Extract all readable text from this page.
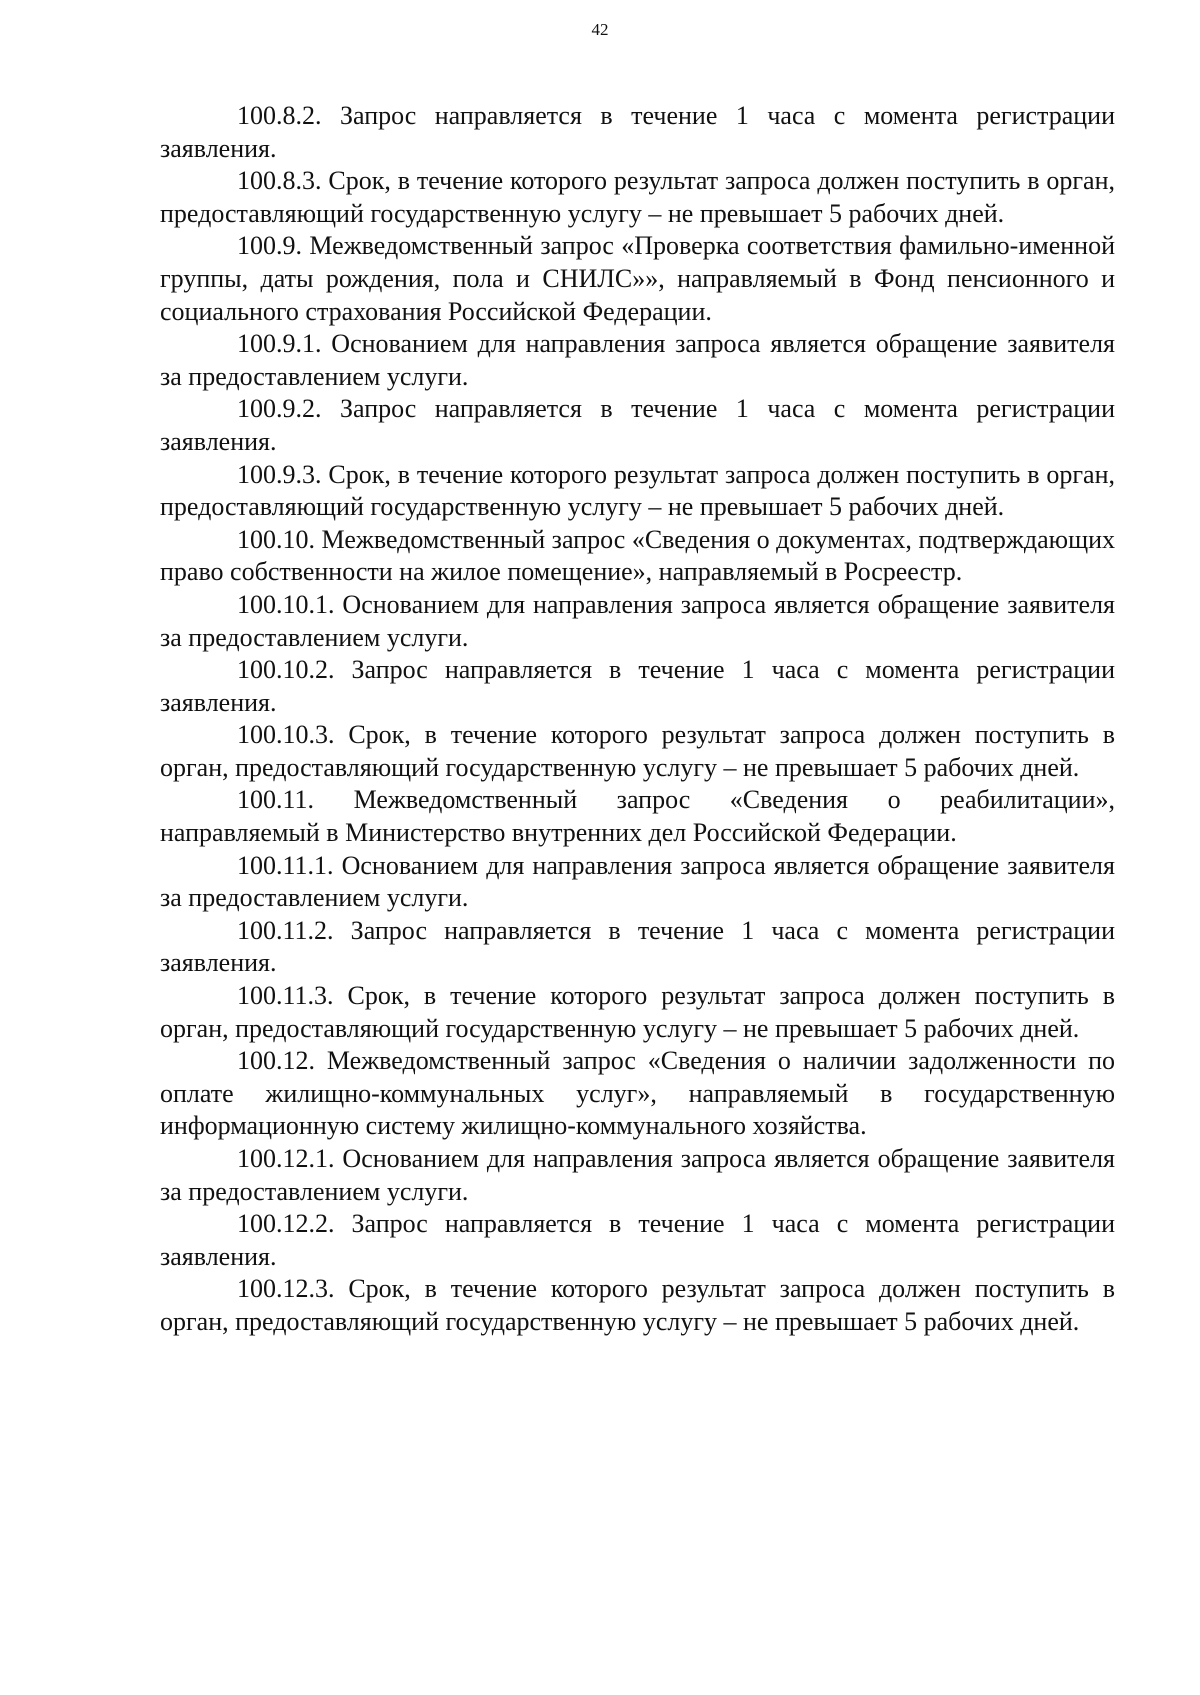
42

100.8.2. Запрос направляется в течение 1 часа с момента регистрации заявления.

100.8.3. Срок, в течение которого результат запроса должен поступить в орган, предоставляющий государственную услугу – не превышает 5 рабочих дней.

100.9. Межведомственный запрос «Проверка соответствия фамильно-именной группы, даты рождения, пола и СНИЛС»», направляемый в Фонд пенсионного и социального страхования Российской Федерации.

100.9.1. Основанием для направления запроса является обращение заявителя за предоставлением услуги.

100.9.2. Запрос направляется в течение 1 часа с момента регистрации заявления.

100.9.3. Срок, в течение которого результат запроса должен поступить в орган, предоставляющий государственную услугу – не превышает 5 рабочих дней.

100.10. Межведомственный запрос «Сведения о документах, подтверждающих право собственности на жилое помещение», направляемый в Росреестр.

100.10.1. Основанием для направления запроса является обращение заявителя за предоставлением услуги.

100.10.2. Запрос направляется в течение 1 часа с момента регистрации заявления.

100.10.3. Срок, в течение которого результат запроса должен поступить в орган, предоставляющий государственную услугу – не превышает 5 рабочих дней.

100.11. Межведомственный запрос «Сведения о реабилитации», направляемый в Министерство внутренних дел Российской Федерации.

100.11.1. Основанием для направления запроса является обращение заявителя за предоставлением услуги.

100.11.2. Запрос направляется в течение 1 часа с момента регистрации заявления.

100.11.3. Срок, в течение которого результат запроса должен поступить в орган, предоставляющий государственную услугу – не превышает 5 рабочих дней.

100.12. Межведомственный запрос «Сведения о наличии задолженности по оплате жилищно-коммунальных услуг», направляемый в государственную информационную систему жилищно-коммунального хозяйства.

100.12.1. Основанием для направления запроса является обращение заявителя за предоставлением услуги.

100.12.2. Запрос направляется в течение 1 часа с момента регистрации заявления.

100.12.3. Срок, в течение которого результат запроса должен поступить в орган, предоставляющий государственную услугу – не превышает 5 рабочих дней.
